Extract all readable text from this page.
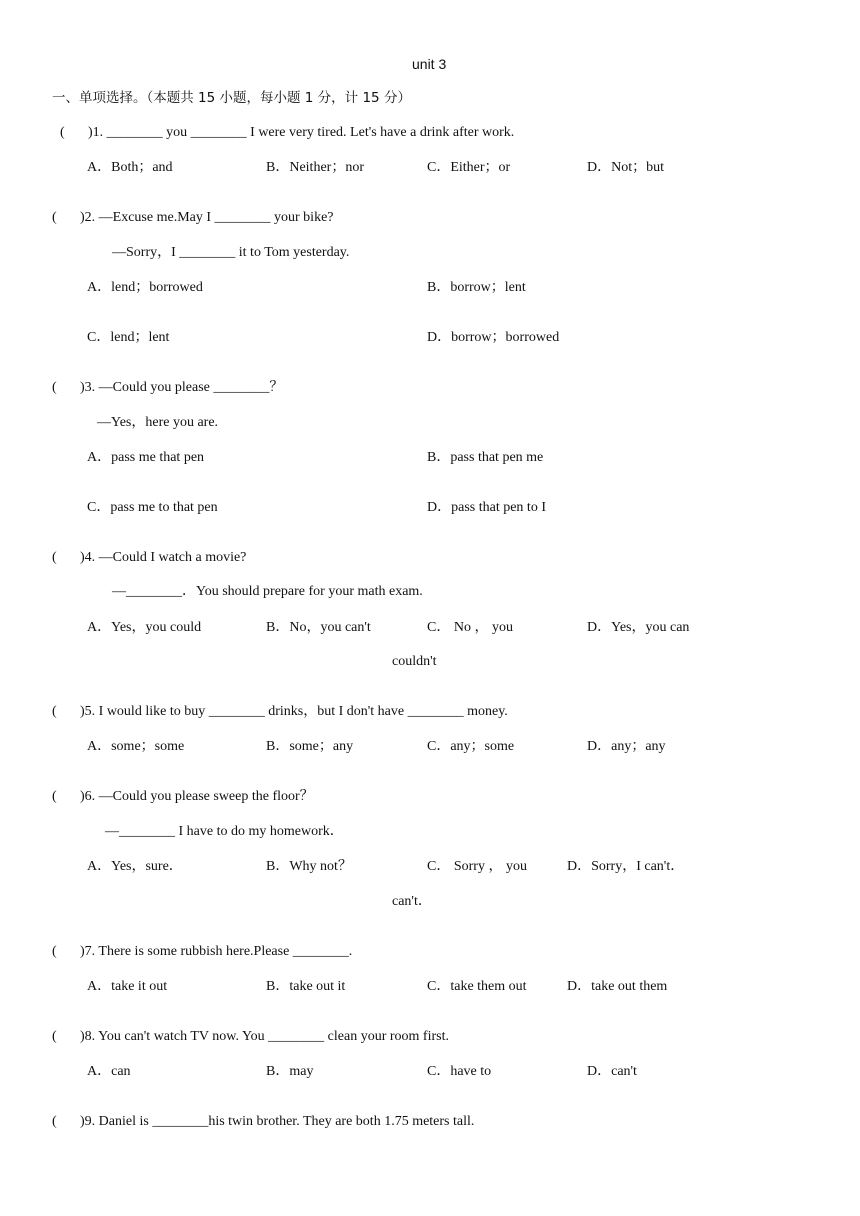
unit 3
一、单项选择。（本题共 15 小题，每小题 1 分，计 15 分）
( )1. ________ you ________ I were very tired. Let's have a drink after work.
A．Both；and	B．Neither；nor	C．Either；or	D．Not；but
( )2. —Excuse me.May I ________ your bike?
—Sorry，I ________ it to Tom yesterday.
A．lend；borrowed	B．borrow；lent
C．lend；lent	D．borrow；borrowed
( )3. —Could you please ________？
—Yes，here you are.
A．pass me that pen	B．pass that pen me
C．pass me to that pen	D．pass that pen to I
( )4. —Could I watch a movie?
—________．You should prepare for your math exam.
A．Yes，you could	B．No，you can't	C． No ， you	D．Yes，you can
couldn't
( )5. I would like to buy ________ drinks，but I don't have ________ money.
A．some；some	B．some；any	C．any；some	D．any；any
( )6. —Could you please sweep the floor？
—________ I have to do my homework．
A．Yes，sure．	B．Why not？	C． Sorry ， you	D．Sorry，I can't．
can't．
( )7. There is some rubbish here.Please ________.
A．take it out	B．take out it	C．take them out	D．take out them
( )8. You can't watch TV now. You ________ clean your room first.
A．can	B．may	C．have to	D．can't
( )9. Daniel is ________his twin brother. They are both 1.75 meters tall.
